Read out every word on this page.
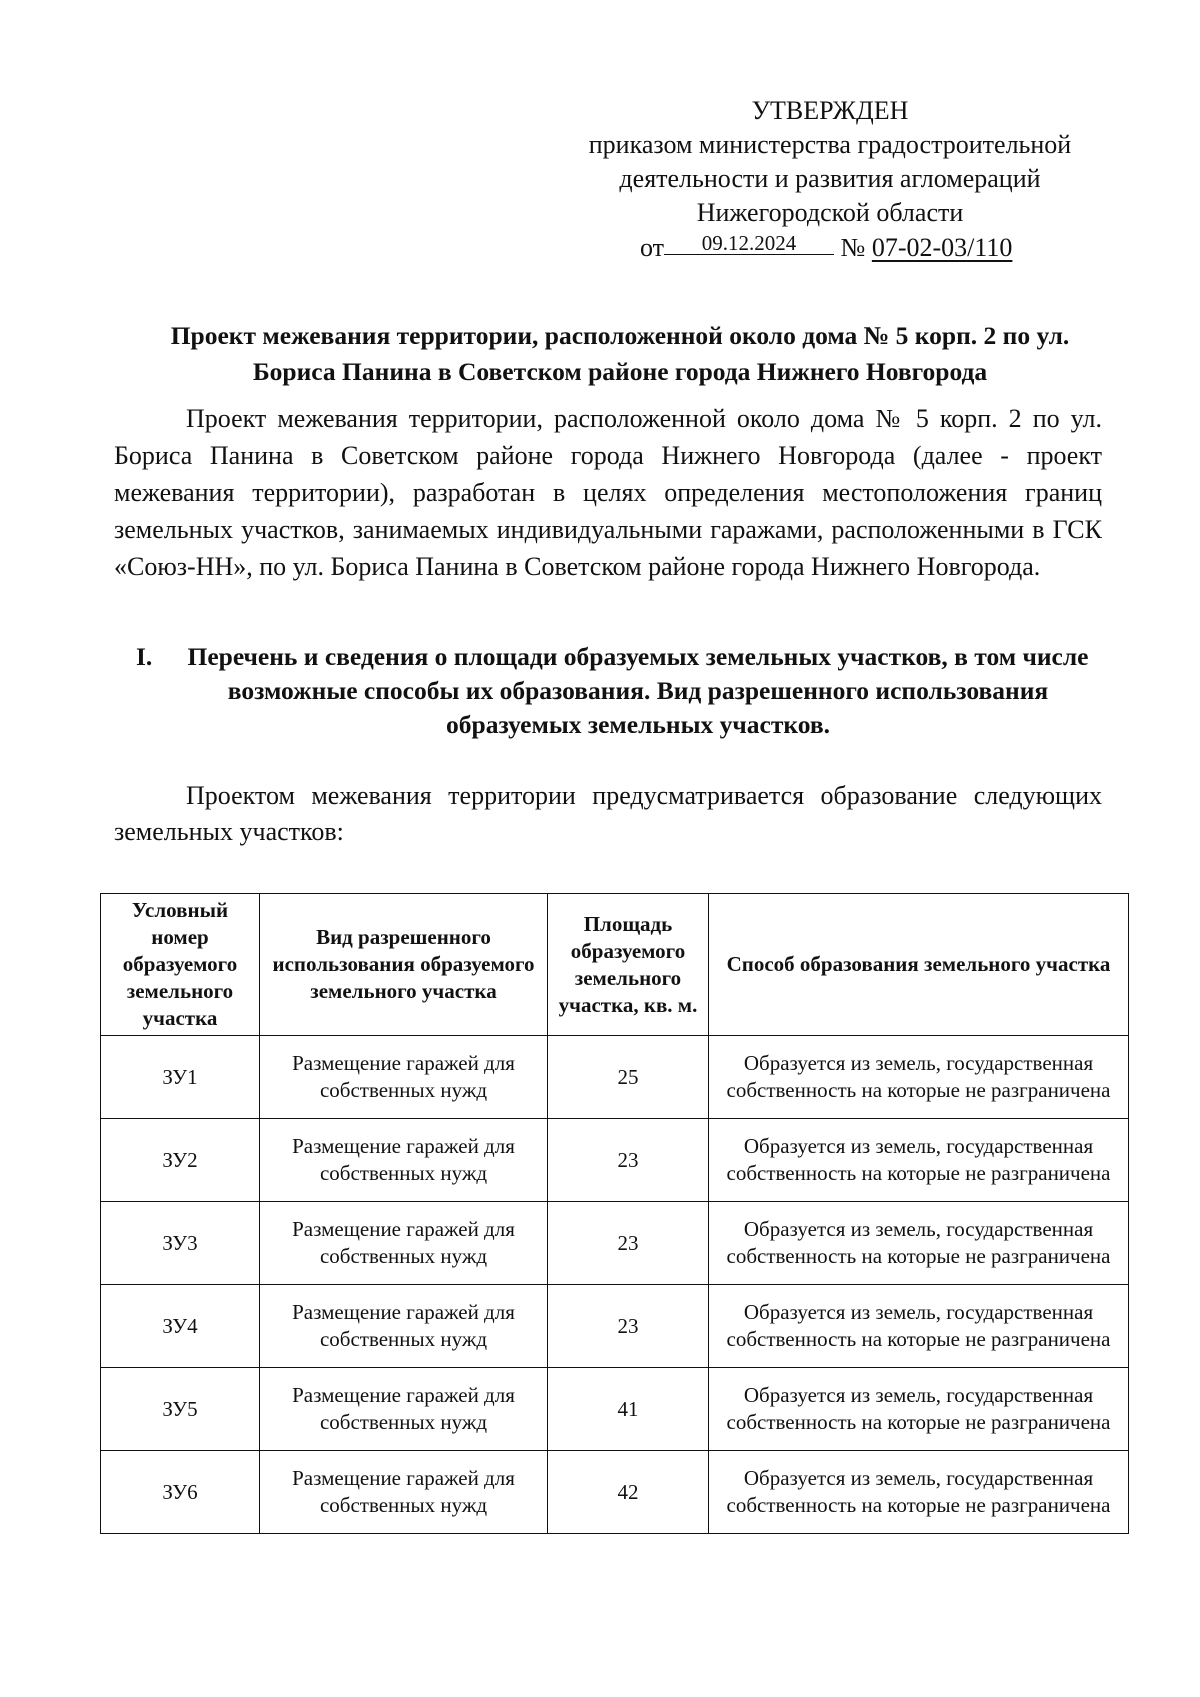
УТВЕРЖДЕН
приказом министерства градостроительной
деятельности и развития агломераций
Нижегородской области
от 09.12.2024 № 07-02-03/110
Проект межевания территории, расположенной около дома № 5 корп. 2 по ул. Бориса Панина в Советском районе города Нижнего Новгорода

Проект межевания территории, расположенной около дома № 5 корп. 2 по ул. Бориса Панина в Советском районе города Нижнего Новгорода (далее - проект межевания территории), разработан в целях определения местоположения границ земельных участков, занимаемых индивидуальными гаражами, расположенными в ГСК «Союз-НН», по ул. Бориса Панина в Советском районе города Нижнего Новгорода.

I.	Перечень и сведения о площади образуемых земельных участков, в том числе возможные способы их образования. Вид разрешенного использования образуемых земельных участков.

Проектом межевания территории предусматривается образование следующих земельных участков:

Условный номер образуемого земельного участка	Вид разрешенного использования образуемого земельного участка	Площадь образуемого земельного участка, кв. м.	Способ образования земельного участка
ЗУ1	Размещение гаражей для собственных нужд	25	Образуется из земель, государственная собственность на которые не разграничена
ЗУ2	Размещение гаражей для собственных нужд	23	Образуется из земель, государственная собственность на которые не разграничена
ЗУ3	Размещение гаражей для собственных нужд	23	Образуется из земель, государственная собственность на которые не разграничена
ЗУ4	Размещение гаражей для собственных нужд	23	Образуется из земель, государственная собственность на которые не разграничена
ЗУ5	Размещение гаражей для собственных нужд	41	Образуется из земель, государственная собственность на которые не разграничена
ЗУ6	Размещение гаражей для собственных нужд	42	Образуется из земель, государственная собственность на которые не разграничена
